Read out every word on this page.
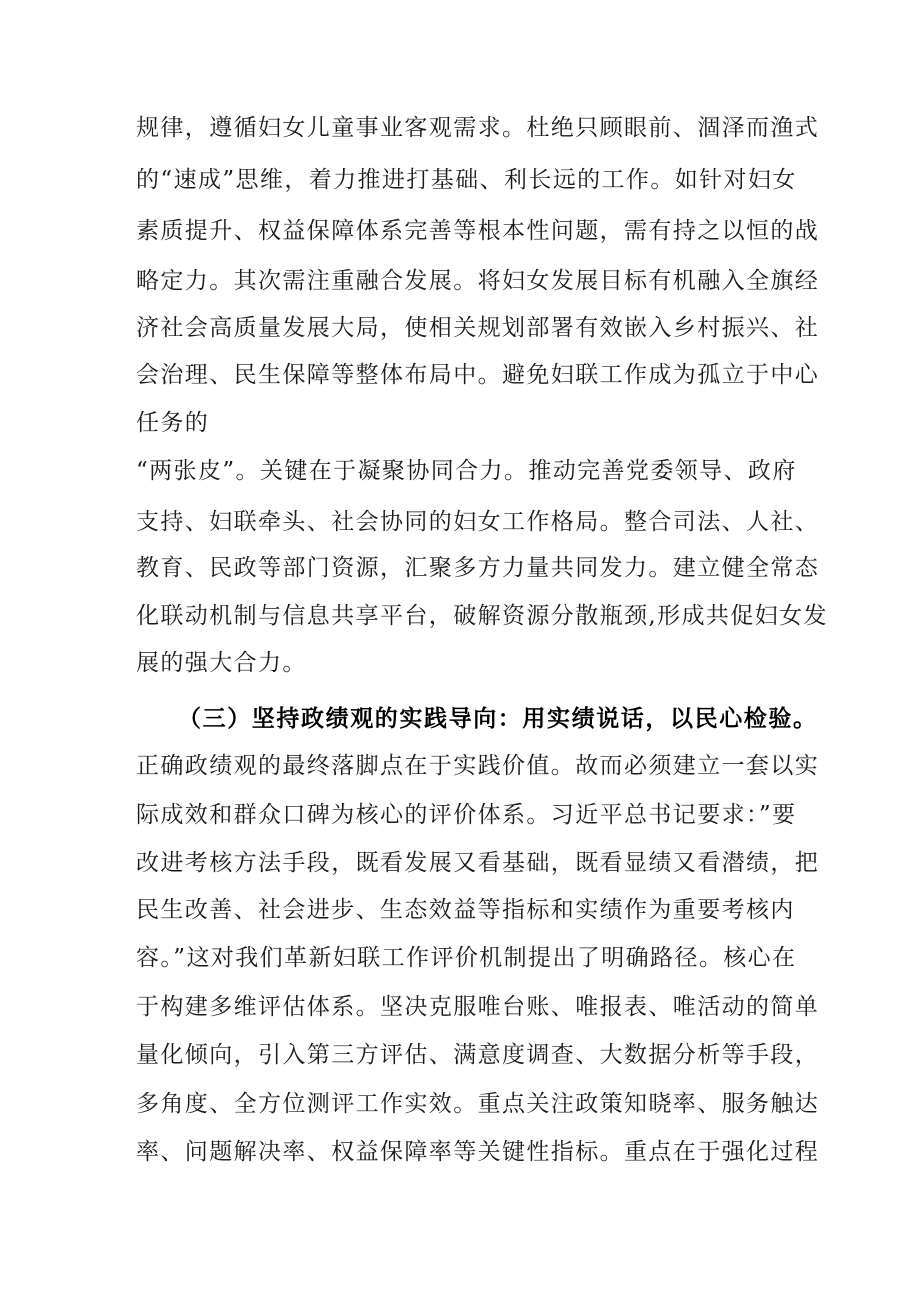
规律，遵循妇女儿童事业客观需求。杜绝只顾眼前、涸泽而渔式
的“速成”思维，着力推进打基础、利长远的工作。如针对妇女
素质提升、权益保障体系完善等根本性问题，需有持之以恒的战
略定力。其次需注重融合发展。将妇女发展目标有机融入全旗经
济社会高质量发展大局，使相关规划部署有效嵌入乡村振兴、社
会治理、民生保障等整体布局中。避免妇联工作成为孤立于中心
任务的
“两张皮”。关键在于凝聚协同合力。推动完善党委领导、政府
支持、妇联牵头、社会协同的妇女工作格局。整合司法、人社、
教育、民政等部门资源，汇聚多方力量共同发力。建立健全常态
化联动机制与信息共享平台，破解资源分散瓶颈,形成共促妇女发
展的强大合力。
（三）坚持政绩观的实践导向：用实绩说话，以民心检验。
正确政绩观的最终落脚点在于实践价值。故而必须建立一套以实
际成效和群众口碑为核心的评价体系。习近平总书记要求：”要
改进考核方法手段，既看发展又看基础，既看显绩又看潜绩，把
民生改善、社会进步、生态效益等指标和实绩作为重要考核内
容。”这对我们革新妇联工作评价机制提出了明确路径。核心在
于构建多维评估体系。坚决克服唯台账、唯报表、唯活动的简单
量化倾向，引入第三方评估、满意度调查、大数据分析等手段，
多角度、全方位测评工作实效。重点关注政策知晓率、服务触达
率、问题解决率、权益保障率等关键性指标。重点在于强化过程
